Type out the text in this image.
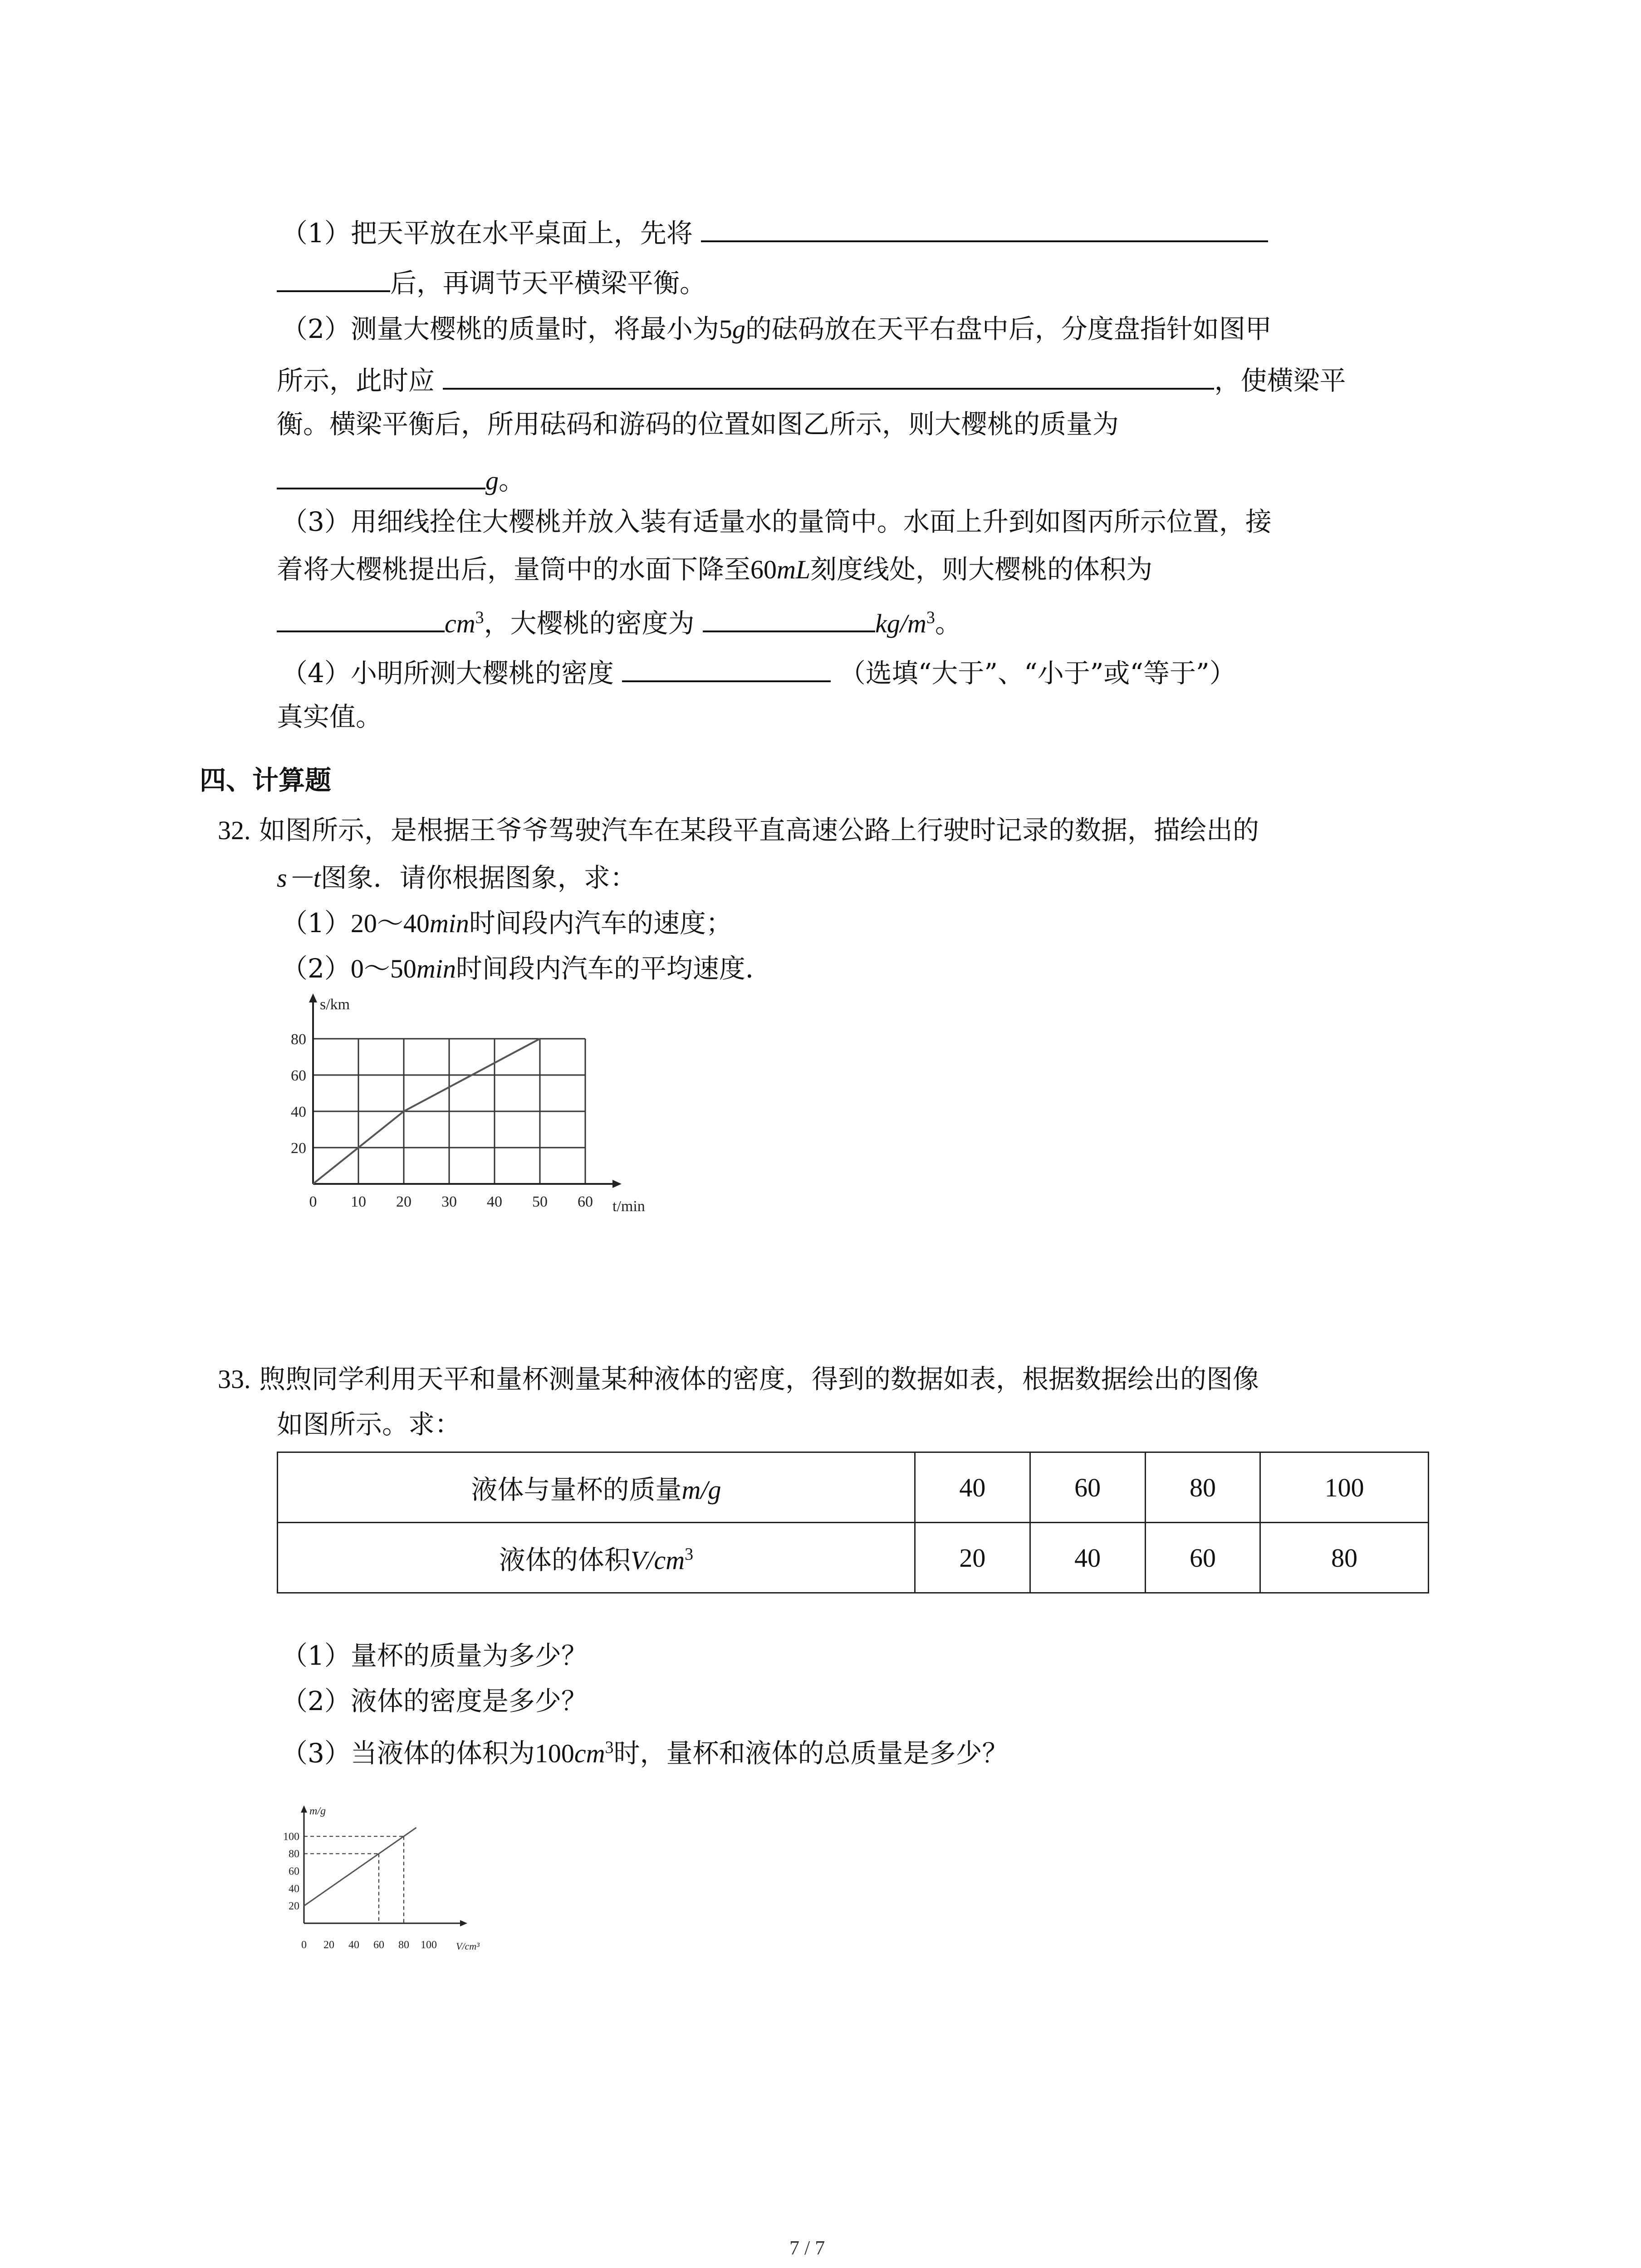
（1）把天平放在水平桌面上，先将
后，再调节天平横梁平衡。
（2）测量大樱桃的质量时，将最小为5g的砝码放在天平右盘中后，分度盘指针如图甲
所示，此时应	，使横梁平
衡。横梁平衡后，所用砝码和游码的位置如图乙所示，则大樱桃的质量为
g。
（3）用细线拴住大樱桃并放入装有适量水的量筒中。水面上升到如图丙所示位置，接
着将大樱桃提出后，量筒中的水面下降至60mL刻度线处，则大樱桃的体积为
$cm^3$，大樱桃的密度为	$kg/m^3$。
（4）小明所测大樱桃的密度	（选填“大于”、“小于”或“等于”）
真实值。
四、计算题
32. 如图所示，是根据王爷爷驾驶汽车在某段平直高速公路上行驶时记录的数据，描绘出的
s－t图象．请你根据图象，求：
（1）20～40min时间段内汽车的速度；
（2）0～50min时间段内汽车的平均速度．
0 10 20 30 40 50 60
20
40
60
80
t/min
s/km
33. 煦煦同学利用天平和量杯测量某种液体的密度，得到的数据如表，根据数据绘出的图像
如图所示。求：
液体与量杯的质量m/g	40	60	80	100
液体的体积$V/cm^3$	20	40	60	80
（1）量杯的质量为多少？
（2）液体的密度是多少？
（3）当液体的体积为$100cm^3$时，量杯和液体的总质量是多少？
0 20 40 60 80 100
20
40
60
80
100
V/cm³
m/g
7 / 7
